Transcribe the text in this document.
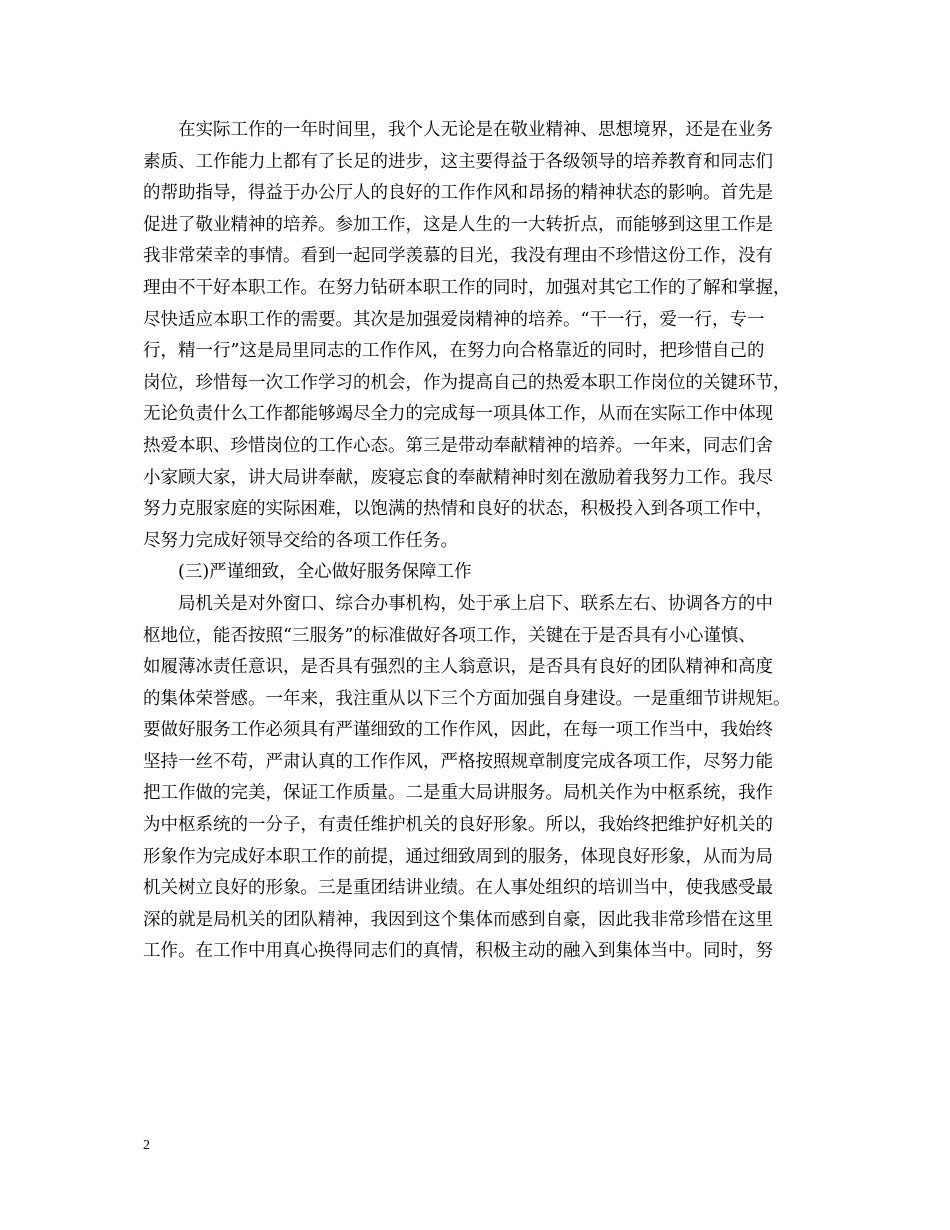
在实际工作的一年时间里，我个人无论是在敬业精神、思想境界，还是在业务
素质、工作能力上都有了长足的进步，这主要得益于各级领导的培养教育和同志们
的帮助指导，得益于办公厅人的良好的工作作风和昂扬的精神状态的影响。首先是
促进了敬业精神的培养。参加工作，这是人生的一大转折点，而能够到这里工作是
我非常荣幸的事情。看到一起同学羡慕的目光，我没有理由不珍惜这份工作，没有
理由不干好本职工作。在努力钻研本职工作的同时，加强对其它工作的了解和掌握，
尽快适应本职工作的需要。其次是加强爱岗精神的培养。“干一行，爱一行，专一
行，精一行”这是局里同志的工作作风，在努力向合格靠近的同时，把珍惜自己的
岗位，珍惜每一次工作学习的机会，作为提高自己的热爱本职工作岗位的关键环节，
无论负责什么工作都能够竭尽全力的完成每一项具体工作，从而在实际工作中体现
热爱本职、珍惜岗位的工作心态。第三是带动奉献精神的培养。一年来，同志们舍
小家顾大家，讲大局讲奉献，废寝忘食的奉献精神时刻在激励着我努力工作。我尽
努力克服家庭的实际困难，以饱满的热情和良好的状态，积极投入到各项工作中，
尽努力完成好领导交给的各项工作任务。
(三)严谨细致，全心做好服务保障工作
局机关是对外窗口、综合办事机构，处于承上启下、联系左右、协调各方的中
枢地位，能否按照“三服务”的标准做好各项工作，关键在于是否具有小心谨慎、
如履薄冰责任意识，是否具有强烈的主人翁意识，是否具有良好的团队精神和高度
的集体荣誉感。一年来，我注重从以下三个方面加强自身建设。一是重细节讲规矩。
要做好服务工作必须具有严谨细致的工作作风，因此，在每一项工作当中，我始终
坚持一丝不苟，严肃认真的工作作风，严格按照规章制度完成各项工作，尽努力能
把工作做的完美，保证工作质量。二是重大局讲服务。局机关作为中枢系统，我作
为中枢系统的一分子，有责任维护机关的良好形象。所以，我始终把维护好机关的
形象作为完成好本职工作的前提，通过细致周到的服务，体现良好形象，从而为局
机关树立良好的形象。三是重团结讲业绩。在人事处组织的培训当中，使我感受最
深的就是局机关的团队精神，我因到这个集体而感到自豪，因此我非常珍惜在这里
工作。在工作中用真心换得同志们的真情，积极主动的融入到集体当中。同时，努
2
